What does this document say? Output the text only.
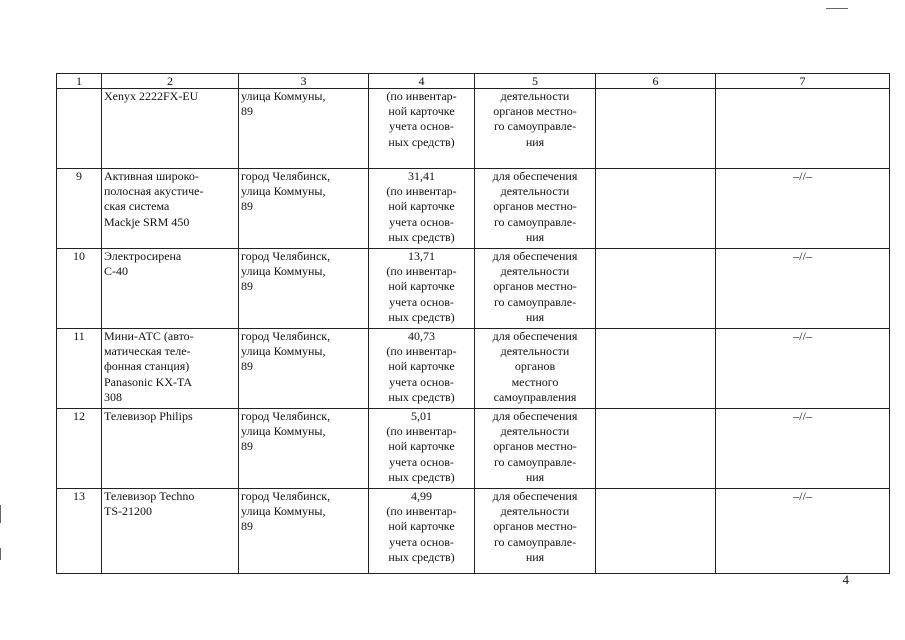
1	2	3	4	5	6	7

	Xenyx 2222FX-EU	улица Коммуны,
89	(по инвентар-
ной карточке
учета основ-
ных средств)	деятельности
органов местно-
го самоуправле-
ния		

9	Активная широко-
полосная акустиче-
ская система
Mackje SRM 450	город Челябинск,
улица Коммуны,
89	31,41
(по инвентар-
ной карточке
учета основ-
ных средств)	для обеспечения
деятельности
органов местно-
го самоуправле-
ния		–//–
10	Электросирена
С-40	город Челябинск,
улица Коммуны,
89	13,71
(по инвентар-
ной карточке
учета основ-
ных средств)	для обеспечения
деятельности
органов местно-
го самоуправле-
ния		–//–
11	Мини-АТС (авто-
матическая теле-
фонная станция)
Panasonic KX-TA
308	город Челябинск,
улица Коммуны,
89	40,73
(по инвентар-
ной карточке
учета основ-
ных средств)	для обеспечения
деятельности
органов
местного
самоуправления		–//–
12	Телевизор Philips	город Челябинск,
улица Коммуны,
89	5,01
(по инвентар-
ной карточке
учета основ-
ных средств)	для обеспечения
деятельности
органов местно-
го самоуправле-
ния		–//–
13	Телевизор Techno
TS-21200	город Челябинск,
улица Коммуны,
89	4,99
(по инвентар-
ной карточке
учета основ-
ных средств)	для обеспечения
деятельности
органов местно-
го самоуправле-
ния		–//–
4
